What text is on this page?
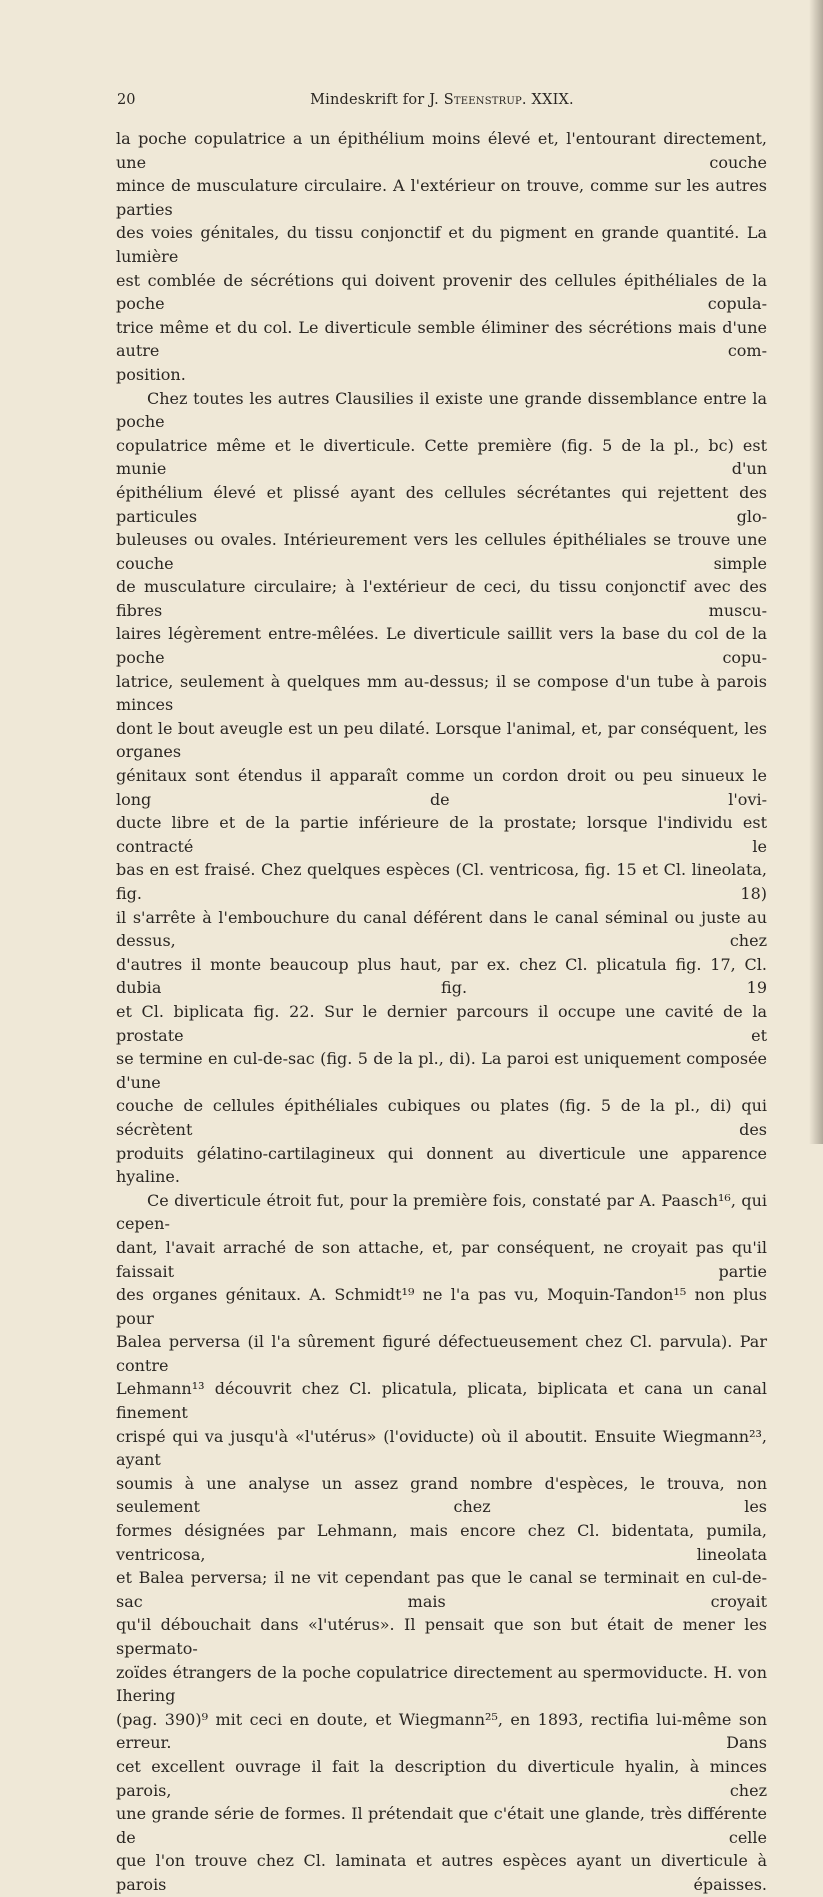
20	Mindeskrift for J. Steenstrup. XXIX.

la poche copulatrice a un épithélium moins élevé et, l'entourant directement, une couche
mince de musculature circulaire. A l'extérieur on trouve, comme sur les autres parties
des voies génitales, du tissu conjonctif et du pigment en grande quantité. La lumière
est comblée de sécrétions qui doivent provenir des cellules épithéliales de la poche copula-
trice même et du col. Le diverticule semble éliminer des sécrétions mais d'une autre com-
position.

Chez toutes les autres Clausilies il existe une grande dissemblance entre la poche
copulatrice même et le diverticule. Cette première (fig. 5 de la pl., bc) est munie d'un
épithélium élevé et plissé ayant des cellules sécrétantes qui rejettent des particules glo-
buleuses ou ovales. Intérieurement vers les cellules épithéliales se trouve une couche simple
de musculature circulaire; à l'extérieur de ceci, du tissu conjonctif avec des fibres muscu-
laires légèrement entre-mêlées. Le diverticule saillit vers la base du col de la poche copu-
latrice, seulement à quelques mm au-dessus; il se compose d'un tube à parois minces
dont le bout aveugle est un peu dilaté. Lorsque l'animal, et, par conséquent, les organes
génitaux sont étendus il apparaît comme un cordon droit ou peu sinueux le long de l'ovi-
ducte libre et de la partie inférieure de la prostate; lorsque l'individu est contracté le
bas en est fraisé. Chez quelques espèces (Cl. ventricosa, fig. 15 et Cl. lineolata, fig. 18)
il s'arrête à l'embouchure du canal déférent dans le canal séminal ou juste au dessus, chez
d'autres il monte beaucoup plus haut, par ex. chez Cl. plicatula fig. 17, Cl. dubia fig. 19
et Cl. biplicata fig. 22. Sur le dernier parcours il occupe une cavité de la prostate et
se termine en cul-de-sac (fig. 5 de la pl., di). La paroi est uniquement composée d'une
couche de cellules épithéliales cubiques ou plates (fig. 5 de la pl., di) qui sécrètent des
produits gélatino-cartilagineux qui donnent au diverticule une apparence hyaline.

Ce diverticule étroit fut, pour la première fois, constaté par A. Paasch¹⁶, qui cepen-
dant, l'avait arraché de son attache, et, par conséquent, ne croyait pas qu'il faissait partie
des organes génitaux. A. Schmidt¹⁹ ne l'a pas vu, Moquin-Tandon¹⁵ non plus pour
Balea perversa (il l'a sûrement figuré défectueusement chez Cl. parvula). Par contre
Lehmann¹³ découvrit chez Cl. plicatula, plicata, biplicata et cana un canal finement
crispé qui va jusqu'à «l'utérus» (l'oviducte) où il aboutit. Ensuite Wiegmann²³, ayant
soumis à une analyse un assez grand nombre d'espèces, le trouva, non seulement chez les
formes désignées par Lehmann, mais encore chez Cl. bidentata, pumila, ventricosa, lineolata
et Balea perversa; il ne vit cependant pas que le canal se terminait en cul-de-sac mais croyait
qu'il débouchait dans «l'utérus». Il pensait que son but était de mener les spermato-
zoïdes étrangers de la poche copulatrice directement au spermoviducte. H. von Ihering
(pag. 390)⁹ mit ceci en doute, et Wiegmann²⁵, en 1893, rectifia lui-même son erreur. Dans
cet excellent ouvrage il fait la description du diverticule hyalin, à minces parois, chez
une grande série de formes. Il prétendait que c'était une glande, très différente de celle
que l'on trouve chez Cl. laminata et autres espèces ayant un diverticule à parois épaisses.
